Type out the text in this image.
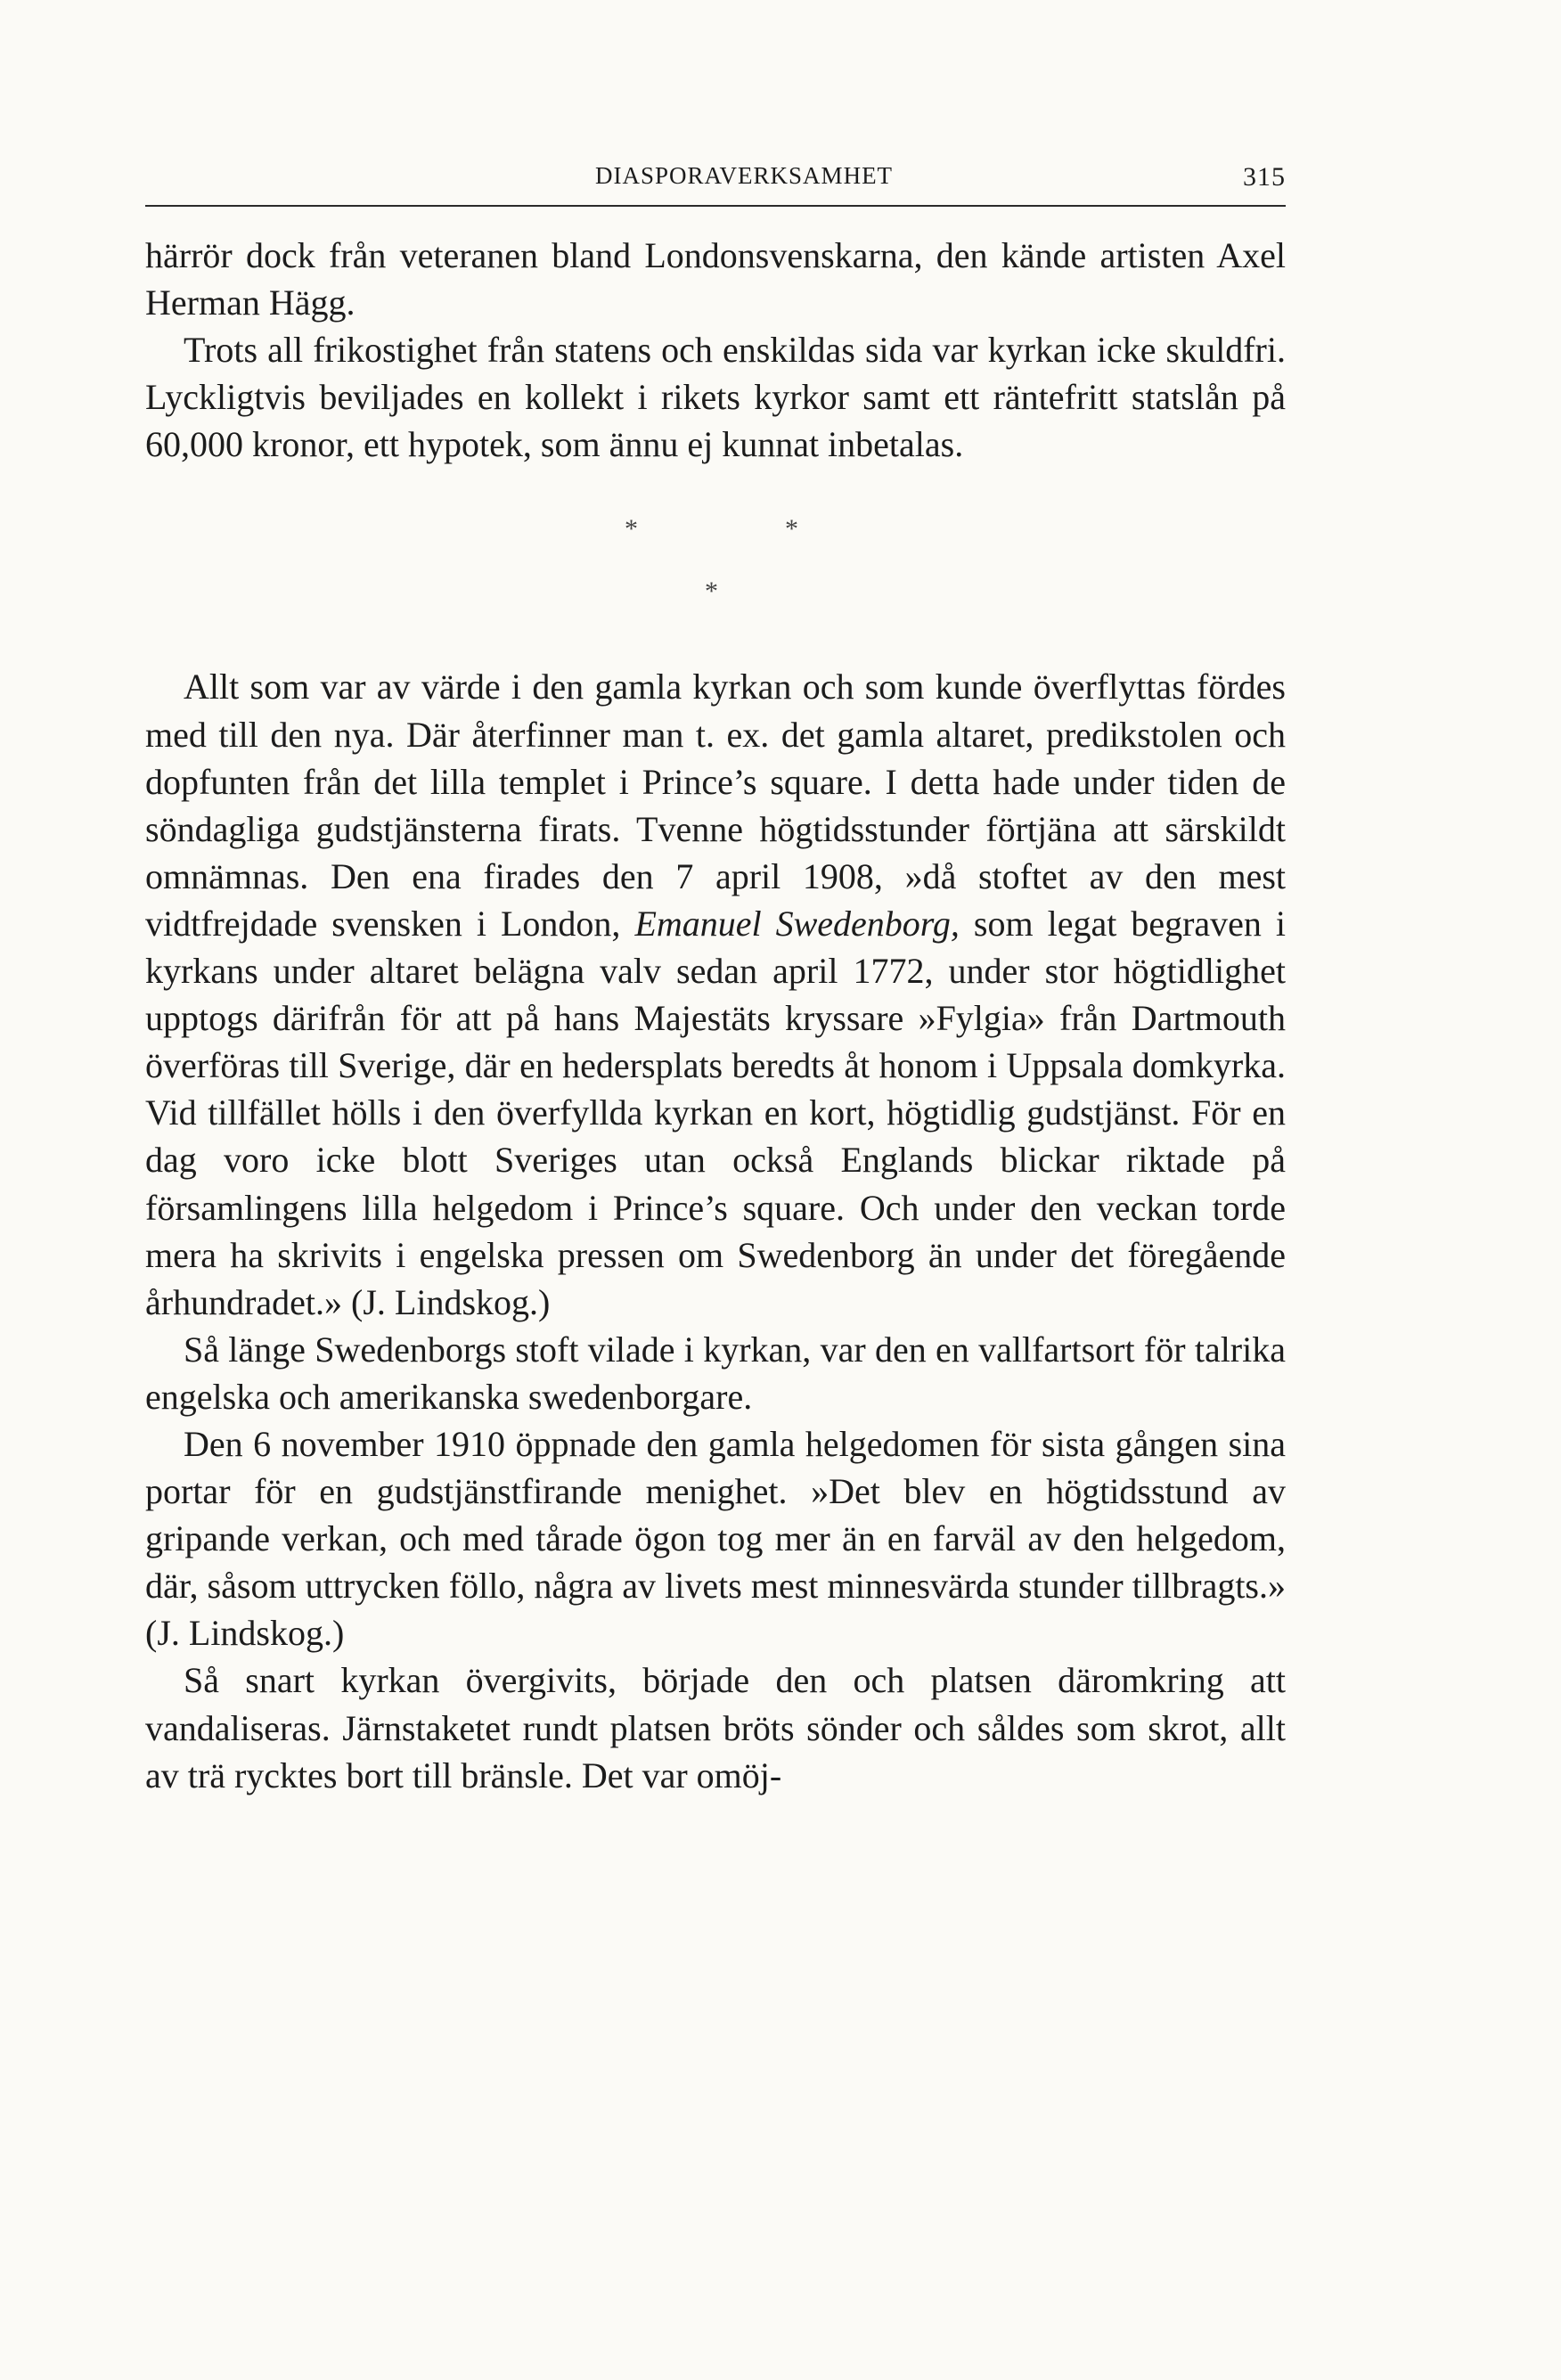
DIASPORAVERKSAMHET	315

härrör dock från veteranen bland Londonsvenskarna, den kände artisten Axel Herman Hägg.

Trots all frikostighet från statens och enskildas sida var kyrkan icke skuldfri. Lyckligtvis beviljades en kollekt i rikets kyrkor samt ett räntefritt statslån på 60,000 kronor, ett hypotek, som ännu ej kunnat inbetalas.

*	*
*

Allt som var av värde i den gamla kyrkan och som kunde överflyttas fördes med till den nya. Där återfinner man t. ex. det gamla altaret, predikstolen och dopfunten från det lilla templet i Prince’s square. I detta hade under tiden de söndagliga gudstjänsterna firats. Tvenne högtidsstunder förtjäna att särskildt omnämnas. Den ena firades den 7 april 1908, »då stoftet av den mest vidtfrejdade svensken i London, Emanuel Swedenborg, som legat begraven i kyrkans under altaret belägna valv sedan april 1772, under stor högtidlighet upptogs därifrån för att på hans Majestäts kryssare »Fylgia» från Dartmouth överföras till Sverige, där en hedersplats beredts åt honom i Uppsala domkyrka. Vid tillfället hölls i den överfyllda kyrkan en kort, högtidlig gudstjänst. För en dag voro icke blott Sveriges utan också Englands blickar riktade på församlingens lilla helgedom i Prince’s square. Och under den veckan torde mera ha skrivits i engelska pressen om Swedenborg än under det föregående århundradet.» (J. Lindskog.)

Så länge Swedenborgs stoft vilade i kyrkan, var den en vallfartsort för talrika engelska och amerikanska swedenborgare.

Den 6 november 1910 öppnade den gamla helgedomen för sista gången sina portar för en gudstjänstfirande menighet. »Det blev en högtidsstund av gripande verkan, och med tårade ögon tog mer än en farväl av den helgedom, där, såsom uttrycken föllo, några av livets mest minnesvärda stunder tillbragts.» (J. Lindskog.)

Så snart kyrkan övergivits, började den och platsen däromkring att vandaliseras. Järnstaketet rundt platsen bröts sönder och såldes som skrot, allt av trä rycktes bort till bränsle. Det var omöj-
